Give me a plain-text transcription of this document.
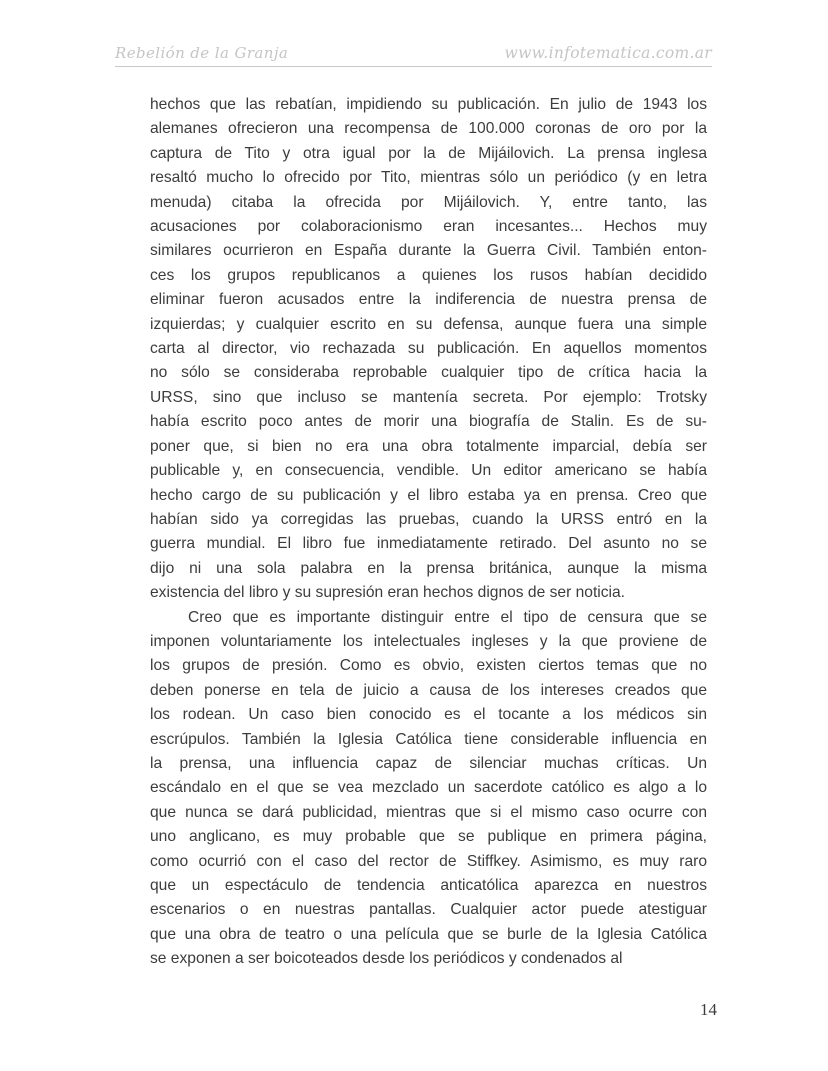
Rebelión de la Granja	www.infotematica.com.ar
hechos que las rebatían, impidiendo su publicación. En julio de 1943 los
alemanes ofrecieron una recompensa de 100.000 coronas de oro por la
captura de Tito y otra igual por la de Mijáilovich. La prensa inglesa
resaltó mucho lo ofrecido por Tito, mientras sólo un periódico (y en letra
menuda) citaba la ofrecida por Mijáilovich. Y, entre tanto, las
acusaciones por colaboracionismo eran incesantes... Hechos muy
similares ocurrieron en España durante la Guerra Civil. También enton-
ces los grupos republicanos a quienes los rusos habían decidido
eliminar fueron acusados entre la indiferencia de nuestra prensa de
izquierdas; y cualquier escrito en su defensa, aunque fuera una simple
carta al director, vio rechazada su publicación. En aquellos momentos
no sólo se consideraba reprobable cualquier tipo de crítica hacia la
URSS, sino que incluso se mantenía secreta. Por ejemplo: Trotsky
había escrito poco antes de morir una biografía de Stalin. Es de su-
poner que, si bien no era una obra totalmente imparcial, debía ser
publicable y, en consecuencia, vendible. Un editor americano se había
hecho cargo de su publicación y el libro estaba ya en prensa. Creo que
habían sido ya corregidas las pruebas, cuando la URSS entró en la
guerra mundial. El libro fue inmediatamente retirado. Del asunto no se
dijo ni una sola palabra en la prensa británica, aunque la misma
existencia del libro y su supresión eran hechos dignos de ser noticia.
Creo que es importante distinguir entre el tipo de censura que se
imponen voluntariamente los intelectuales ingleses y la que proviene de
los grupos de presión. Como es obvio, existen ciertos temas que no
deben ponerse en tela de juicio a causa de los intereses creados que
los rodean. Un caso bien conocido es el tocante a los médicos sin
escrúpulos. También la Iglesia Católica tiene considerable influencia en
la prensa, una influencia capaz de silenciar muchas críticas. Un
escándalo en el que se vea mezclado un sacerdote católico es algo a lo
que nunca se dará publicidad, mientras que si el mismo caso ocurre con
uno anglicano, es muy probable que se publique en primera página,
como ocurrió con el caso del rector de Stiffkey. Asimismo, es muy raro
que un espectáculo de tendencia anticatólica aparezca en nuestros
escenarios o en nuestras pantallas. Cualquier actor puede atestiguar
que una obra de teatro o una película que se burle de la Iglesia Católica
se exponen a ser boicoteados desde los periódicos y condenados al
14
